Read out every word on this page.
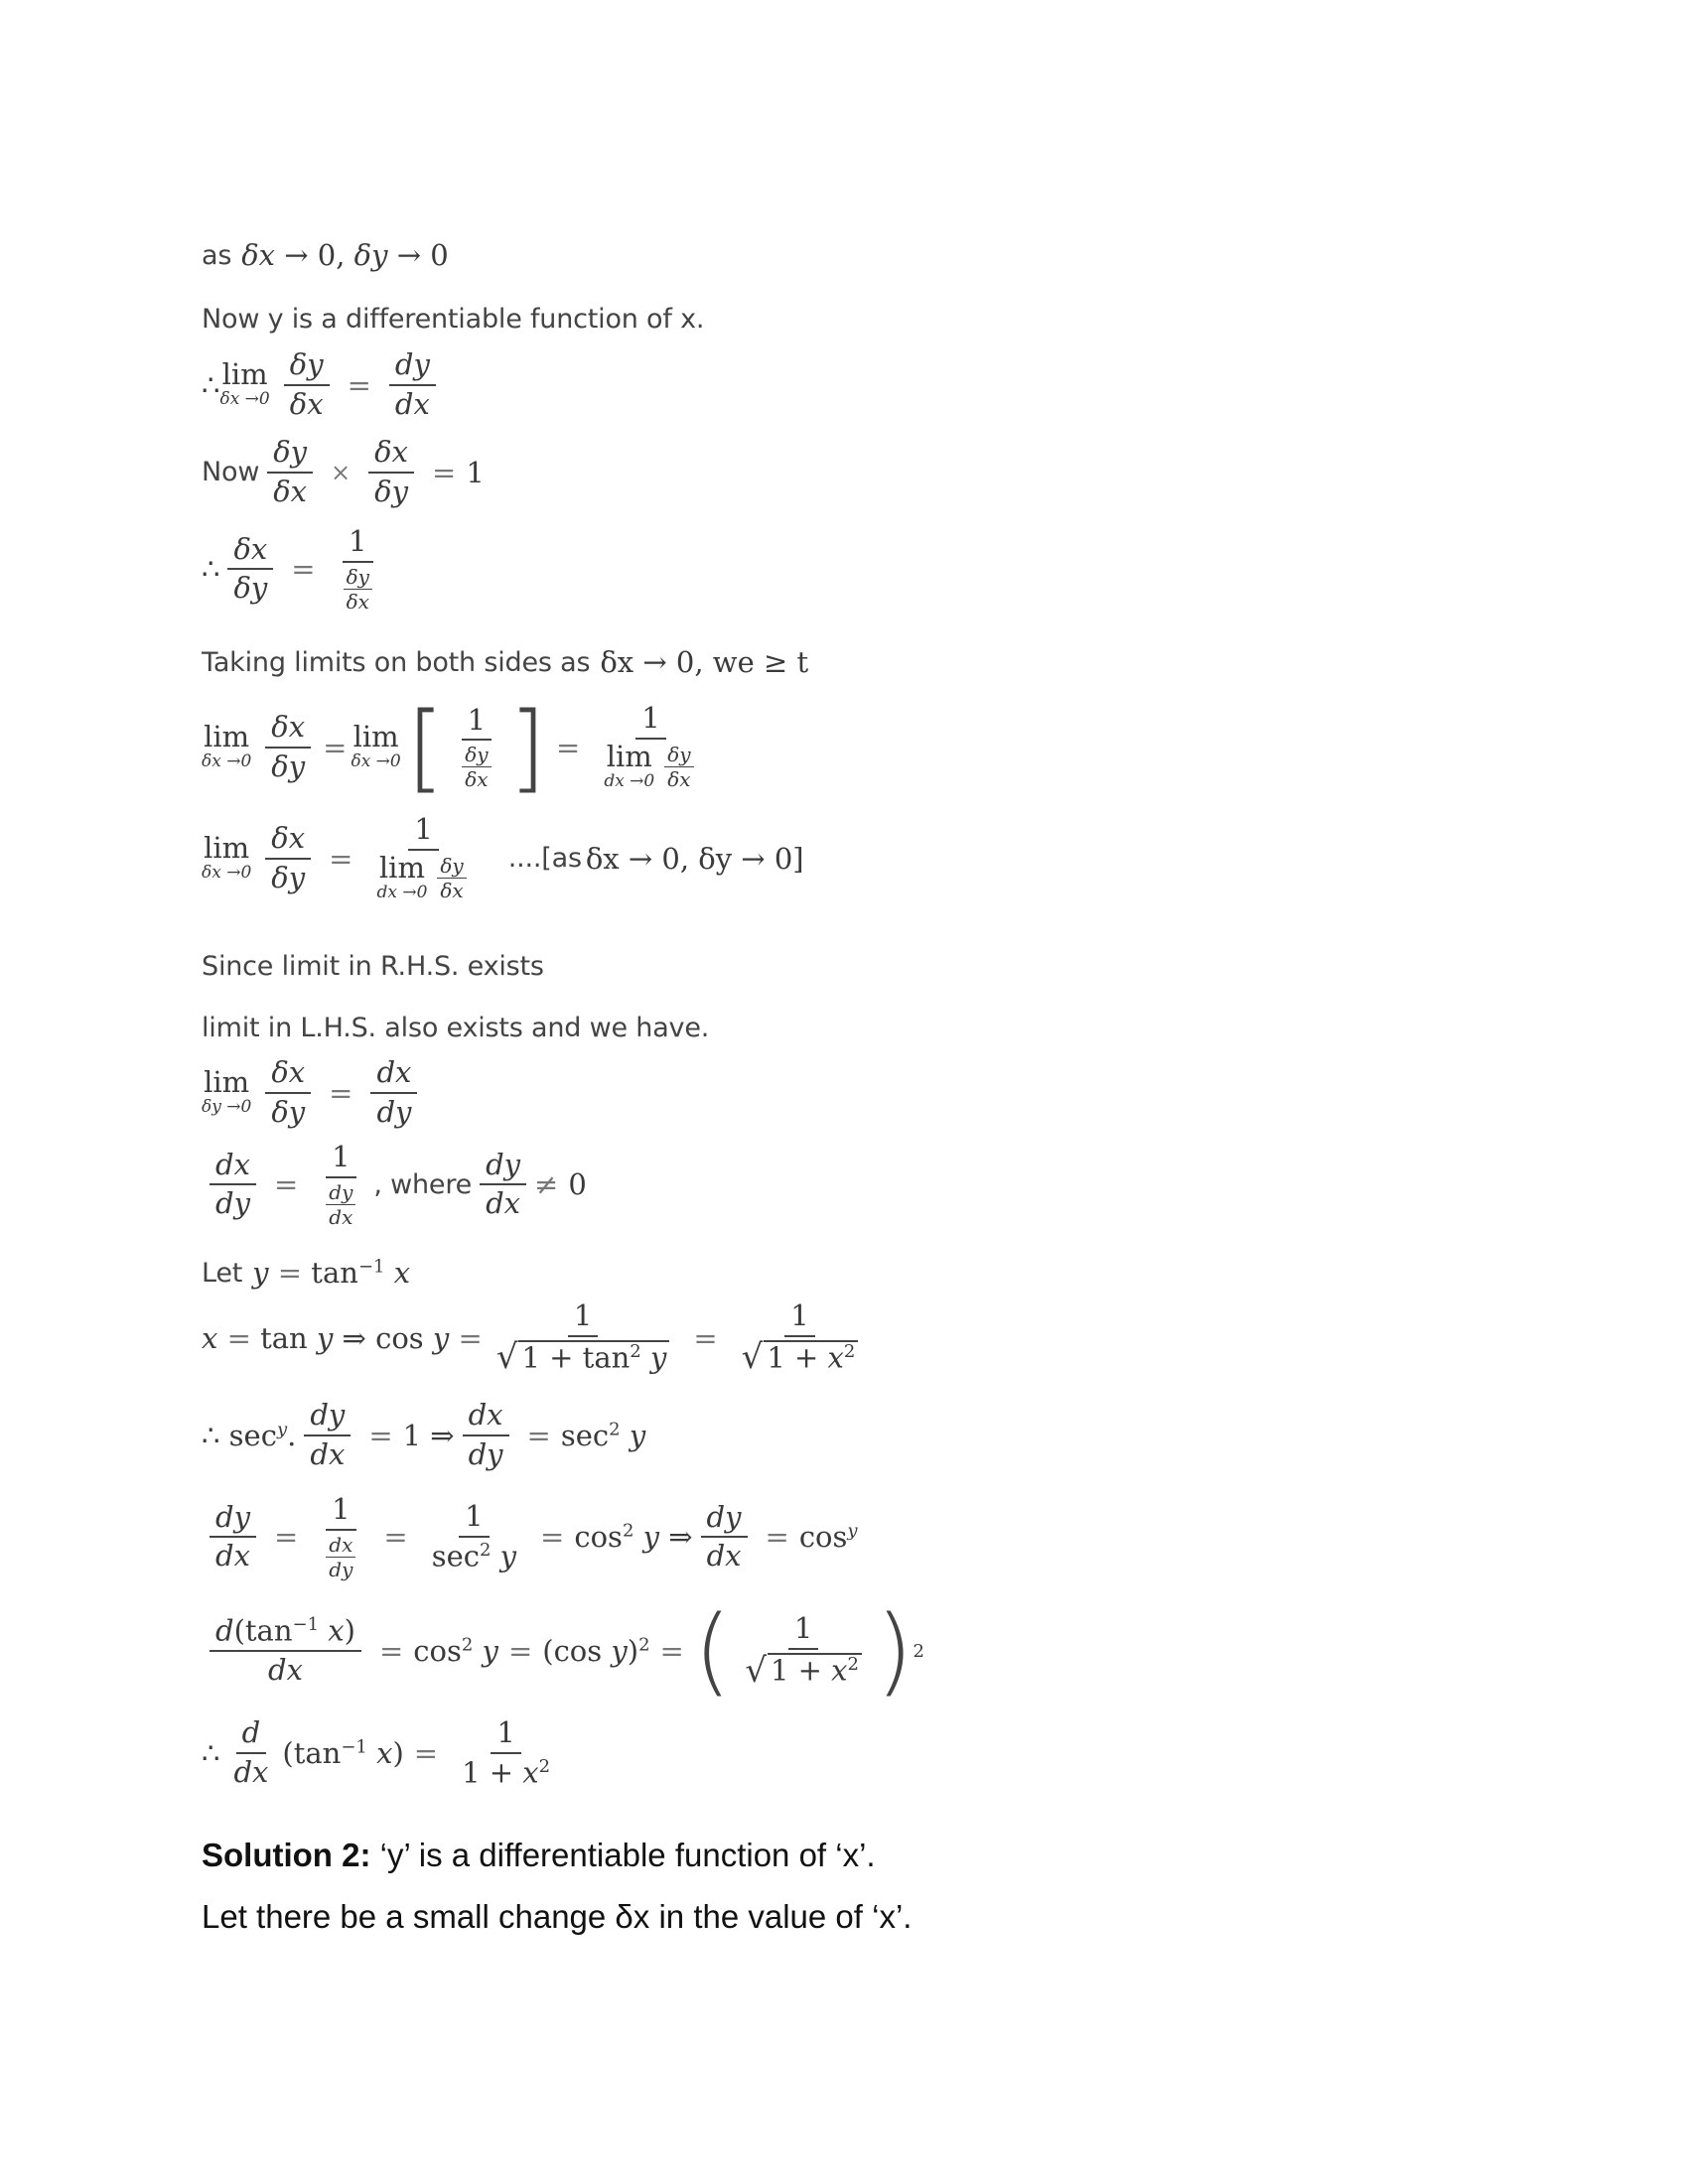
as δx → 0, δy → 0
Now y is a differentiable function of x.
∴ lim
$\delta x \to 0 \frac{\delta y}{\delta x} = \frac{dy}{dx}$
Now $\frac{\delta y}{\delta x} \times \frac{\delta x}{\delta y} = 1$
∴ $\frac{\delta x}{\delta y} = \frac{1}{\frac{\delta y}{\delta x}}$
Taking limits on both sides as δx → 0, we ≥ t
lim
$\delta x \to 0 \frac{\delta x}{\delta y} = \lim$
δx →0 [ $\frac{1}{\frac{\delta y}{\delta x}}$ ] = 1
lim
dx $\to 0 \frac{\delta y}{\delta x}$
lim
$\delta x \to 0 \frac{\delta x}{\delta y} = 1$
lim
dx $\to 0 \frac{\delta y}{\delta x} ....[as$ δx → 0, δy → 0]
Since limit in R.H.S. exists
limit in L.H.S. also exists and we have.
lim
$\delta y \to 0 \frac{\delta x}{\delta y} = \frac{dx}{dy}$
$\frac{dx}{dy} = \frac{1}{\frac{dy}{dx}}$ , where $\frac{dy}{dx} \ne 0$
Let $y = \tan^{-1} x$
x = tan y ⇒ $\cos y = \frac{1}{√ 1 + \tan^2 y} = \frac{1}{√ 1 + x^2}$
∴ $\sec^y$. $\frac{dy}{dx} = 1$ ⇒ $\frac{dx}{dy} = \sec^2 y$
$\frac{dy}{dx} = \frac{1}{\frac{dx}{dy}} = \frac{1}{\sec^2 y} = \cos^2 y$ ⇒ $\frac{dy}{dx} = \cos^y$
$\frac{d(\tan^{-1} x)}{dx} = \cos^2 y = (\cos$ y)$^2$ = ( $\frac{1}{√ 1 + x^2}$ ) 2
∴ $\frac{d}{dx} (\tan^{-1}$ $x) = \frac{1}{1 + x^2}$
Solution 2: ‘y’ is a differentiable function of ‘x’.
Let there be a small change δx in the value of ‘x’.
